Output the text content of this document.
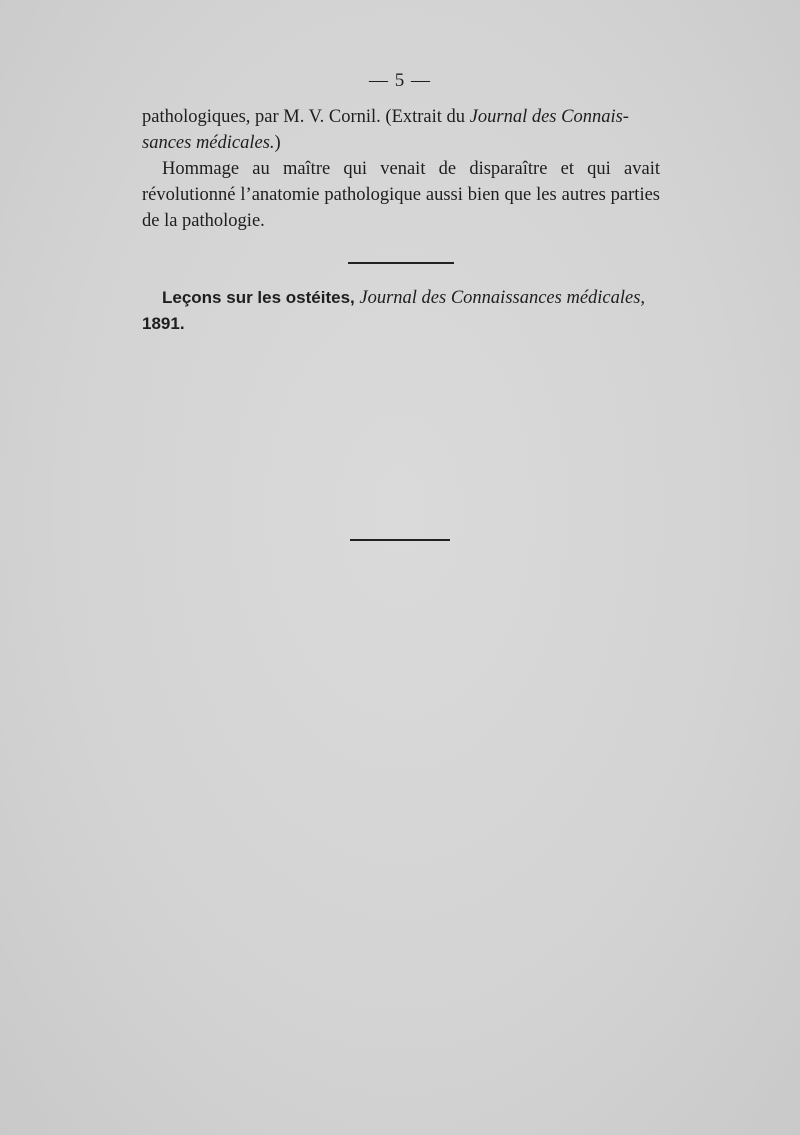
— 5 —
pathologiques, par M. V. Cornil. (Extrait du Journal des Connais-
sances médicales.)
Hommage au maître qui venait de disparaître et qui avait révolutionné l’anatomie pathologique aussi bien que les autres parties de la pathologie.
Leçons sur les ostéites, Journal des Connaissances médicales,
1891.
